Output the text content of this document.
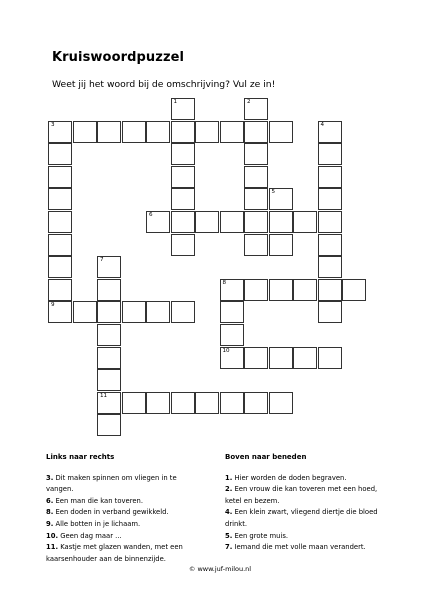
Kruiswoordpuzzel
Weet jij het woord bij de omschrijving? Vul ze in!
3
6
8
9
10
11
1	2
4
5
7
Links naar rechts
3. Dit maken spinnen om vliegen in te vangen.
6. Een man die kan toveren.
8. Een doden in verband gewikkeld.
9. Alle botten in je lichaam.
10. Geen dag maar ...
11. Kastje met glazen wanden, met een kaarsenhouder aan de binnenzijde.
Boven naar beneden
1. Hier worden de doden begraven.
2. Een vrouw die kan toveren met een hoed, ketel en bezem.
4. Een klein zwart, vliegend diertje die bloed drinkt.
5. Een grote muis.
7. Iemand die met volle maan verandert.
© www.juf-milou.nl
